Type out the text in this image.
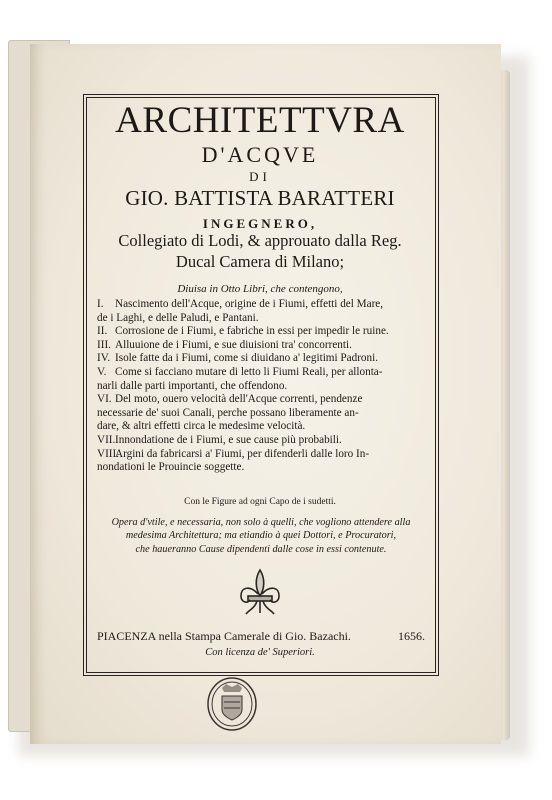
ARCHITETTVRA
D'ACQVE
DI
GIO. BATTISTA BARATTERI
INGEGNERO,
Collegiato di Lodi, & approuato dalla Reg.
Ducal Camera di Milano;
Diuisa in Otto Libri, che contengono,
I.	Nascimento dell'Acque, origine de i Fiumi, effetti del Mare,
de i Laghi, e delle Paludi, e Pantani.
II. Corrosione de i Fiumi, e fabriche in essi per impedir le ruine.
III. Alluuione de i Fiumi, e sue diuisioni tra' concorrenti.
IV. Isole fatte da i Fiumi, come si diuidano a' legitimi Padroni.
V. Come si facciano mutare di letto li Fiumi Reali, per allonta-
narli dalle parti importanti, che offendono.
VI. Del moto, ouero velocità dell'Acque correnti, pendenze
necessarie de' suoi Canali, perche possano liberamente an-
dare, & altri effetti circa le medesime velocità.
VII. Innondatione de i Fiumi, e sue cause più probabili.
VIII.
Argini da fabricarsi a' Fiumi, per difenderli dalle loro In-
nondationi le Prouincie soggette.
Con le Figure ad ogni Capo de i sudetti.
Opera d'vtile, e necessaria, non solo à quelli, che vogliono attendere alla
medesima Architettura; ma etiandio à quei Dottori, e Procuratori,
che haueranno Cause dipendenti dalle cose in essi contenute.
PIACENZA nella Stampa Camerale di Gio. Bazachi.	1656.
Con licenza de' Superiori.
